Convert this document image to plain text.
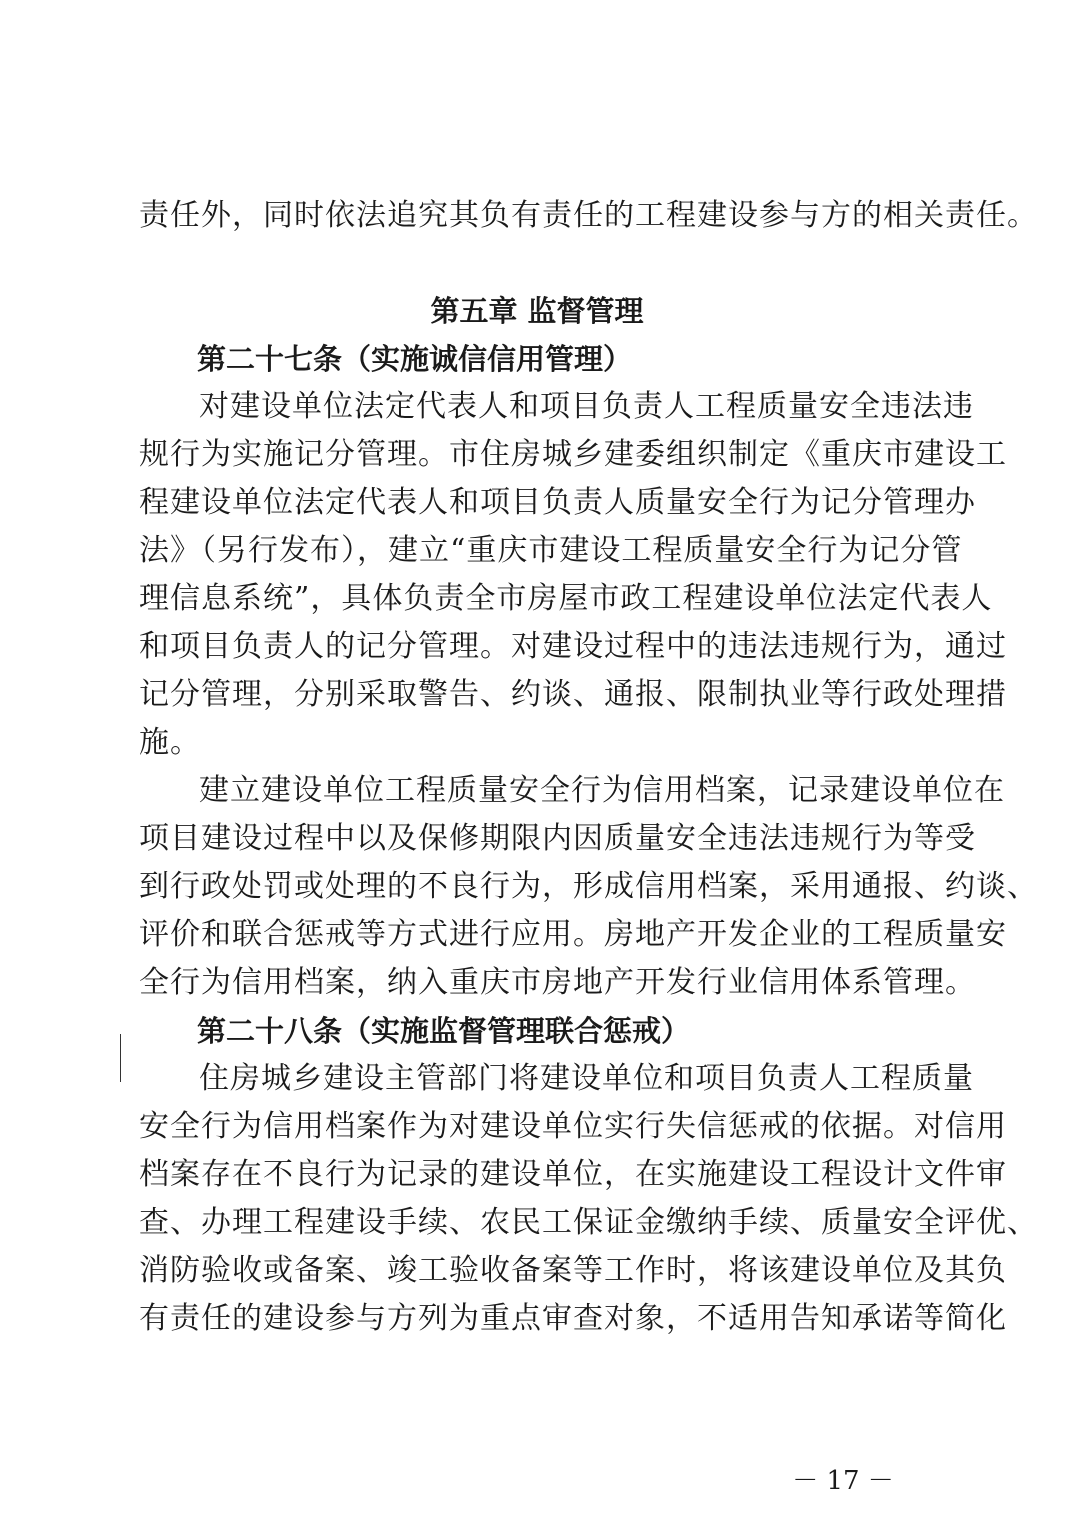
责任外，同时依法追究其负有责任的工程建设参与方的相关责任。
第五章 监督管理
第二十七条（实施诚信信用管理）
对建设单位法定代表人和项目负责人工程质量安全违法违
规行为实施记分管理。市住房城乡建委组织制定《重庆市建设工
程建设单位法定代表人和项目负责人质量安全行为记分管理办
法》（另行发布），建立“重庆市建设工程质量安全行为记分管
理信息系统”，具体负责全市房屋市政工程建设单位法定代表人
和项目负责人的记分管理。对建设过程中的违法违规行为，通过
记分管理，分别采取警告、约谈、通报、限制执业等行政处理措
施。
建立建设单位工程质量安全行为信用档案，记录建设单位在
项目建设过程中以及保修期限内因质量安全违法违规行为等受
到行政处罚或处理的不良行为，形成信用档案，采用通报、约谈、
评价和联合惩戒等方式进行应用。房地产开发企业的工程质量安
全行为信用档案，纳入重庆市房地产开发行业信用体系管理。
第二十八条（实施监督管理联合惩戒）
住房城乡建设主管部门将建设单位和项目负责人工程质量
安全行为信用档案作为对建设单位实行失信惩戒的依据。对信用
档案存在不良行为记录的建设单位，在实施建设工程设计文件审
查、办理工程建设手续、农民工保证金缴纳手续、质量安全评优、
消防验收或备案、竣工验收备案等工作时，将该建设单位及其负
有责任的建设参与方列为重点审查对象，不适用告知承诺等简化
－ 17 －
